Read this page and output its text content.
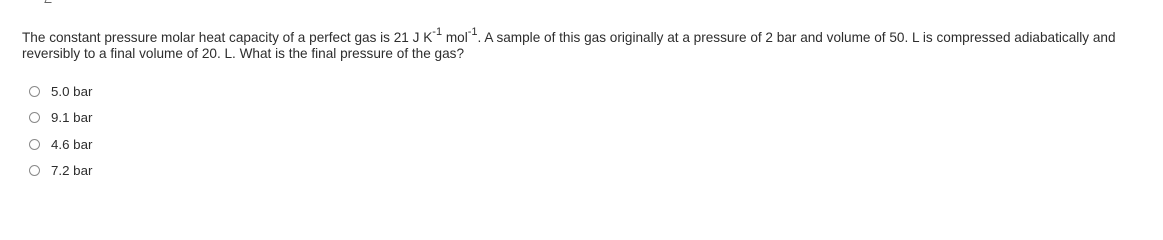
The constant pressure molar heat capacity of a perfect gas is 21 J $K^{-1}$ mol$^{-1}$. A sample of this gas originally at a pressure of 2 bar and volume of 50. L is compressed adiabatically and reversibly to a final volume of 20. L. What is the final pressure of the gas?
5.0 bar
9.1 bar
4.6 bar
7.2 bar
